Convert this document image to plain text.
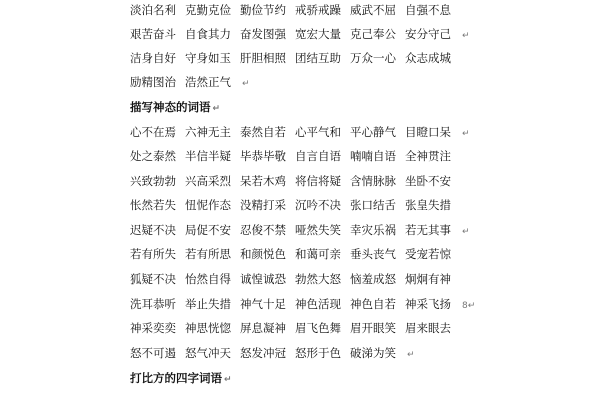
淡泊名利 克勤克俭 勤俭节约 戒骄戒躁 威武不屈 自强不息
艰苦奋斗 自食其力 奋发图强 宽宏大量 克己奉公 安分守己 ↵
洁身自好 守身如玉 肝胆相照 团结互助 万众一心 众志成城
励精图治 浩然正气 ↵
描写神态的词语 ↵
心不在焉 六神无主 泰然自若 心平气和 平心静气 目瞪口呆 ↵
处之泰然 半信半疑 毕恭毕敬 自言自语 喃喃自语 全神贯注
兴致勃勃 兴高采烈 呆若木鸡 将信将疑 含情脉脉 坐卧不安
怅然若失 忸怩作态 没精打采 沉吟不决 张口结舌 张皇失措
迟疑不决 局促不安 忍俊不禁 哑然失笑 幸灾乐祸 若无其事 ↵
若有所失 若有所思 和颜悦色 和蔼可亲 垂头丧气 受宠若惊
狐疑不决 怡然自得 诚惶诚恐 勃然大怒 恼羞成怒 炯炯有神
洗耳恭听 举止失措 神气十足 神色活现 神色自若 神采飞扬 8↵
神采奕奕 神思恍惚 屏息凝神 眉飞色舞 眉开眼笑 眉来眼去
怒不可遏 怒气冲天 怒发冲冠 怒形于色 破涕为笑 ↵
打比方的四字词语 ↵
